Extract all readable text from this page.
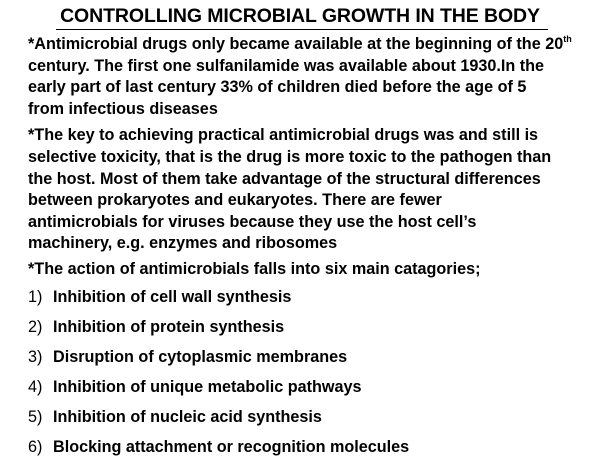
CONTROLLING MICROBIAL GROWTH IN THE BODY

*Antimicrobial drugs only became available at the beginning of the 20th
century. The first one sulfanilamide was available about 1930.In the
early part of last century 33% of children died before the age of 5
from infectious diseases

*The key to achieving practical antimicrobial drugs was and still is
selective toxicity, that is the drug is more toxic to the pathogen than
the host. Most of them take advantage of the structural differences
between prokaryotes and eukaryotes. There are fewer
antimicrobials for viruses because they use the host cell’s
machinery, e.g. enzymes and ribosomes

*The action of antimicrobials falls into six main catagories;

1) Inhibition of cell wall synthesis
2) Inhibition of protein synthesis
3) Disruption of cytoplasmic membranes
4) Inhibition of unique metabolic pathways
5) Inhibition of nucleic acid synthesis
6) Blocking attachment or recognition molecules
